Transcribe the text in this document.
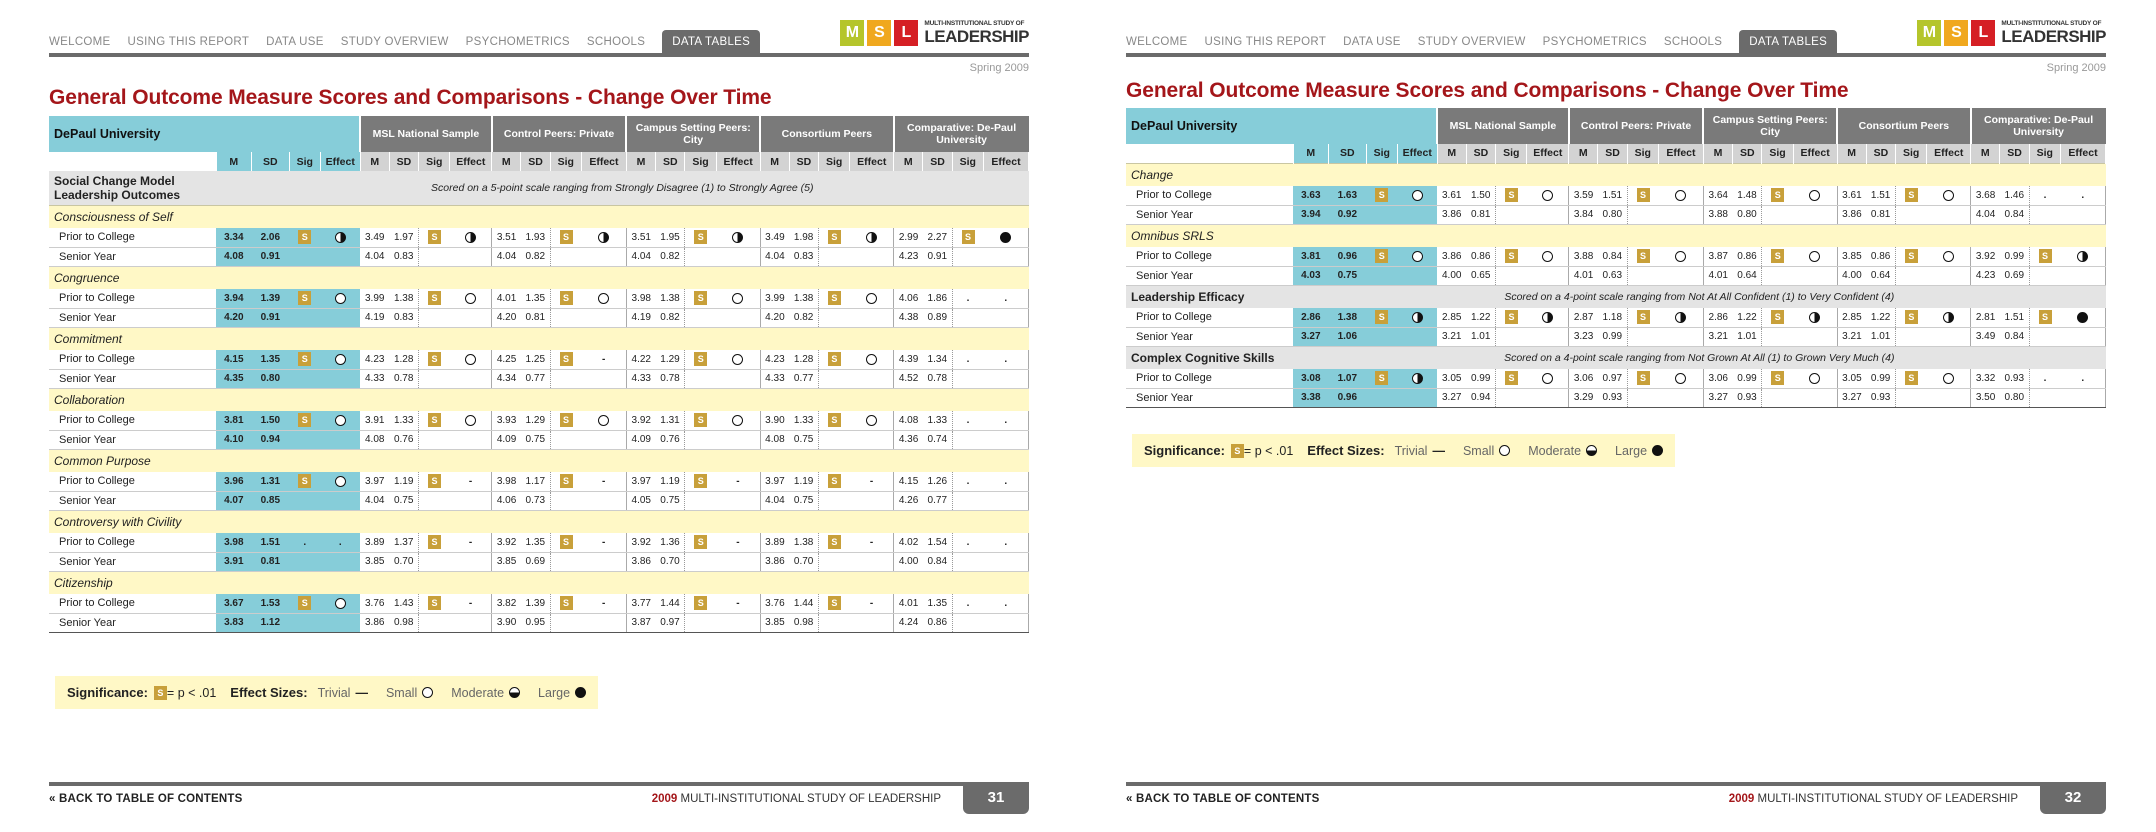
WELCOME USING THIS REPORT DATA USE STUDY OVERVIEW PSYCHOMETRICS SCHOOLS	DATA TABLES
M S	L
MULTI-INSTITUTIONAL STUDY OF
LEADERSHIP
Spring 2009
General Outcome Measure Scores and Comparisons - Change Over Time
DePaul University					MSL National Sample				Control Peers: Private				Campus Setting Peers: City				Consortium Peers				Comparative: De-Paul University			
	M	SD	Sig	Effect	M	SD	Sig	Effect	M	SD	Sig	Effect	M	SD	Sig	Effect	M	SD	Sig	Effect	M	SD	Sig	Effect
Social Change Model Leadership Outcomes	Scored on a 5-point scale ranging from Strongly Disagree (1) to Strongly Agree (5)																							
Consciousness of Self																								
Prior to College	3.34	2.06	S		3.49	1.97	S		3.51	1.93	S		3.51	1.95	S		3.49	1.98	S		2.99	2.27	S	
Senior Year	4.08	0.91			4.04	0.83			4.04	0.82			4.04	0.82			4.04	0.83			4.23	0.91		
Congruence																								
Prior to College	3.94	1.39	S		3.99	1.38	S		4.01	1.35	S		3.98	1.38	S		3.99	1.38	S		4.06	1.86	.	.
Senior Year	4.20	0.91			4.19	0.83			4.20	0.81			4.19	0.82			4.20	0.82			4.38	0.89		
Commitment																								
Prior to College	4.15	1.35	S		4.23	1.28	S		4.25	1.25	S	-	4.22	1.29	S		4.23	1.28	S		4.39	1.34	.	.
Senior Year	4.35	0.80			4.33	0.78			4.34	0.77			4.33	0.78			4.33	0.77			4.52	0.78		
Collaboration																								
Prior to College	3.81	1.50	S		3.91	1.33	S		3.93	1.29	S		3.92	1.31	S		3.90	1.33	S		4.08	1.33	.	.
Senior Year	4.10	0.94			4.08	0.76			4.09	0.75			4.09	0.76			4.08	0.75			4.36	0.74		
Common Purpose																								
Prior to College	3.96	1.31	S		3.97	1.19	S	-	3.98	1.17	S	-	3.97	1.19	S	-	3.97	1.19	S	-	4.15	1.26	.	.
Senior Year	4.07	0.85			4.04	0.75			4.06	0.73			4.05	0.75			4.04	0.75			4.26	0.77		
Controversy with Civility																								
Prior to College	3.98	1.51	.	.	3.89	1.37	S	-	3.92	1.35	S	-	3.92	1.36	S	-	3.89	1.38	S	-	4.02	1.54	.	.
Senior Year	3.91	0.81			3.85	0.70			3.85	0.69			3.86	0.70			3.86	0.70			4.00	0.84		
Citizenship																								
Prior to College	3.67	1.53	S		3.76	1.43	S	-	3.82	1.39	S	-	3.77	1.44	S	-	3.76	1.44	S	-	4.01	1.35	.	.
Senior Year	3.83	1.12			3.86	0.98			3.90	0.95			3.87	0.97			3.85	0.98			4.24	0.86		
Significance:	S = p < .01 Effect Sizes: Trivial — Small	Moderate	Large
« BACK TO TABLE OF CONTENTS	2009 MULTI-INSTITUTIONAL STUDY OF LEADERSHIP	31
WELCOME USING THIS REPORT DATA USE STUDY OVERVIEW PSYCHOMETRICS SCHOOLS	DATA TABLES
M S	L
MULTI-INSTITUTIONAL STUDY OF
LEADERSHIP
Spring 2009
General Outcome Measure Scores and Comparisons - Change Over Time
DePaul University					MSL National Sample				Control Peers: Private				Campus Setting Peers: City				Consortium Peers				Comparative: De-Paul University			
	M	SD	Sig	Effect	M	SD	Sig	Effect	M	SD	Sig	Effect	M	SD	Sig	Effect	M	SD	Sig	Effect	M	SD	Sig	Effect
Change																								
Prior to College	3.63	1.63	S		3.61	1.50	S		3.59	1.51	S		3.64	1.48	S		3.61	1.51	S		3.68	1.46	.	.
Senior Year	3.94	0.92			3.86	0.81			3.84	0.80			3.88	0.80			3.86	0.81			4.04	0.84		
Omnibus SRLS																								
Prior to College	3.81	0.96	S		3.86	0.86	S		3.88	0.84	S		3.87	0.86	S		3.85	0.86	S		3.92	0.99	S	
Senior Year	4.03	0.75			4.00	0.65			4.01	0.63			4.01	0.64			4.00	0.64			4.23	0.69		
Leadership Efficacy	Scored on a 4-point scale ranging from Not At All Confident (1) to Very Confident (4)																							
Prior to College	2.86	1.38	S		2.85	1.22	S		2.87	1.18	S		2.86	1.22	S		2.85	1.22	S		2.81	1.51	S	
Senior Year	3.27	1.06			3.21	1.01			3.23	0.99			3.21	1.01			3.21	1.01			3.49	0.84		
Complex Cognitive Skills	Scored on a 4-point scale ranging from Not Grown At All (1) to Grown Very Much (4)																							
Prior to College	3.08	1.07	S		3.05	0.99	S		3.06	0.97	S		3.06	0.99	S		3.05	0.99	S		3.32	0.93	.	.
Senior Year	3.38	0.96			3.27	0.94			3.29	0.93			3.27	0.93			3.27	0.93			3.50	0.80		
Significance:	S = p < .01 Effect Sizes: Trivial — Small	Moderate	Large
« BACK TO TABLE OF CONTENTS	2009 MULTI-INSTITUTIONAL STUDY OF LEADERSHIP	32
